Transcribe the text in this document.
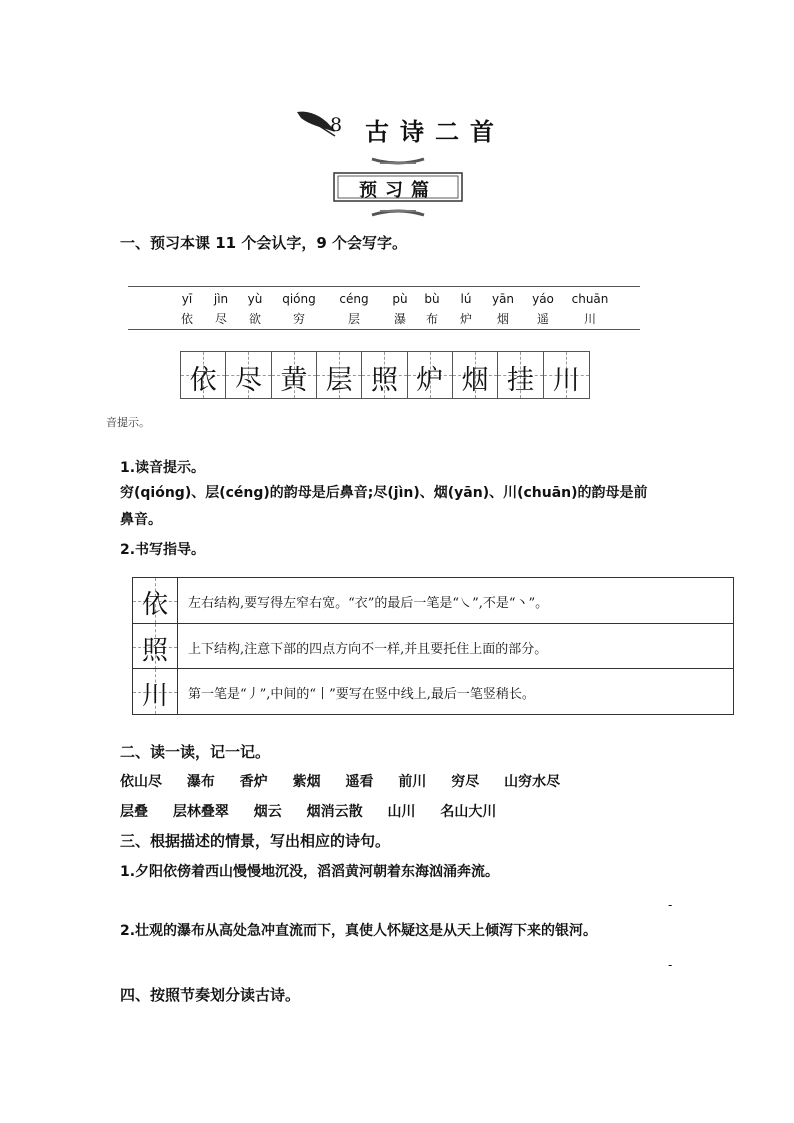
8 古诗二首
预习篇
一、预习本课 11 个会认字，9 个会写字。
yī	jìn	yù	qióng	céng	pù	bù	lú	yān	yáo	chuān
依	尽	欲	穷	层	瀑	布	炉	烟	遥	川
依 尽 黄 层 照 炉 烟 挂 川
音提示。
1.读音提示。
穷(qióng)、层(céng)的韵母是后鼻音;尽(jìn)、烟(yān)、川(chuān)的韵母是前
鼻音。
2.书写指导。
依	左右结构,要写得左窄右宽。“衣”的最后一笔是“㇏”,不是“丶”。
照	上下结构,注意下部的四点方向不一样,并且要托住上面的部分。
川	第一笔是“丿”,中间的“丨”要写在竖中线上,最后一笔竖稍长。
二、读一读，记一记。
依山尽 瀑布 香炉 紫烟 遥看 前川 穷尽 山穷水尽
层叠 层林叠翠 烟云 烟消云散 山川 名山大川
三、根据描述的情景，写出相应的诗句。
1.夕阳依傍着西山慢慢地沉没，滔滔黄河朝着东海汹涌奔流。
-
2.壮观的瀑布从高处急冲直流而下，真使人怀疑这是从天上倾泻下来的银河。
-
四、按照节奏划分读古诗。
